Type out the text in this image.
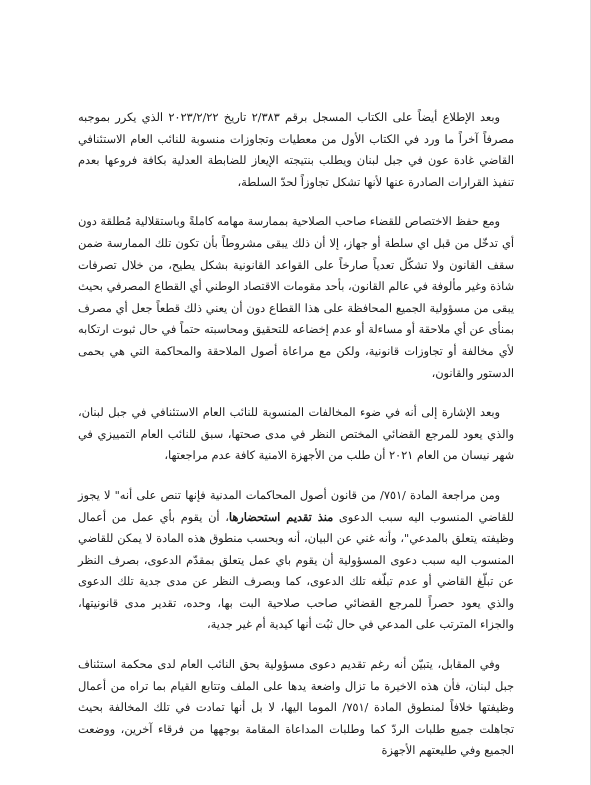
وبعد الإطلاع أيضاً على الكتاب المسجل برقم ٢/٣٨٣ تاريخ ٢٠٢٣/٢/٢٢ الذي يكرر بموجبه مصرفاً آخراً ما ورد في الكتاب الأول من معطيات وتجاوزات منسوبة للنائب العام الاستئنافي القاضي غادة عون في جبل لبنان ويطلب بنتيجته الإيعاز للضابطة العدلية بكافة فروعها بعدم تنفيذ القرارات الصادرة عنها لأنها تشكل تجاوزاً لحدّ السلطة،

ومع حفظ الاختصاص للقضاء صاحب الصلاحية بممارسة مهامه كاملةً وباستقلالية مُطلقة دون أي تدخّل من قبل اي سلطة أو جهاز، إلا أن ذلك يبقى مشروطاً بأن تكون تلك الممارسة ضمن سقف القانون ولا تشكّل تعدياً صارخاً على القواعد القانونية بشكل يطيح، من خلال تصرفات شاذة وغير مألوفة في عالم القانون، بأحد مقومات الاقتصاد الوطني أي القطاع المصرفي بحيث يبقى من مسؤولية الجميع المحافظة على هذا القطاع دون أن يعني ذلك قطعاً جعل أي مصرف بمنأى عن أي ملاحقة أو مساءلة أو عدم إخضاعه للتحقيق ومحاسبته حتماً في حال ثبوت ارتكابه لأي مخالفة أو تجاوزات قانونية، ولكن مع مراعاة أصول الملاحقة والمحاكمة التي هي بحمى الدستور والقانون،

وبعد الإشارة إلى أنه في ضوء المخالفات المنسوبة للنائب العام الاستئنافي في جبل لبنان، والذي يعود للمرجع القضائي المختص النظر في مدى صحتها، سبق للنائب العام التمييزي في شهر نيسان من العام ٢٠٢١ أن طلب من الأجهزة الامنية كافة عدم مراجعتها،

ومن مراجعة المادة /٧٥١/ من قانون أصول المحاكمات المدنية فإنها تنص على أنه" لا يجوز للقاضي المنسوب اليه سبب الدعوى منذ تقديم استحضارها، أن يقوم بأي عمل من أعمال وظيفته يتعلق بالمدعي"، وأنه غني عن البيان، أنه وبحسب منطوق هذه المادة لا يمكن للقاضي المنسوب اليه سبب دعوى المسؤولية أن يقوم باي عمل يتعلق بمقدّم الدعوى، بصرف النظر عن تبلّغ القاضي أو عدم تبلّغه تلك الدعوى، كما وبصرف النظر عن مدى جدية تلك الدعوى والذي يعود حصراً للمرجع القضائي صاحب صلاحية البت بها، وحده، تقدير مدى قانونيتها، والجزاء المترتب على المدعي في حال ثبُت أنها كيدية أم غير جدية،

وفي المقابل، يتبيّن أنه رغم تقديم دعوى مسؤولية بحق النائب العام لدى محكمة استئناف جبل لبنان، فأن هذه الاخيرة ما تزال واضعة يدها على الملف وتتابع القيام بما تراه من أعمال وظيفتها خلافاً لمنطوق المادة /٧٥١/ الموما اليها، لا بل أنها تمادت في تلك المخالفة بحيث تجاهلت جميع طلبات الردّ كما وطلبات المداعاة المقامة بوجهها من فرقاء آخرين، ووضعت الجميع وفي طليعتهم الأجهزة
